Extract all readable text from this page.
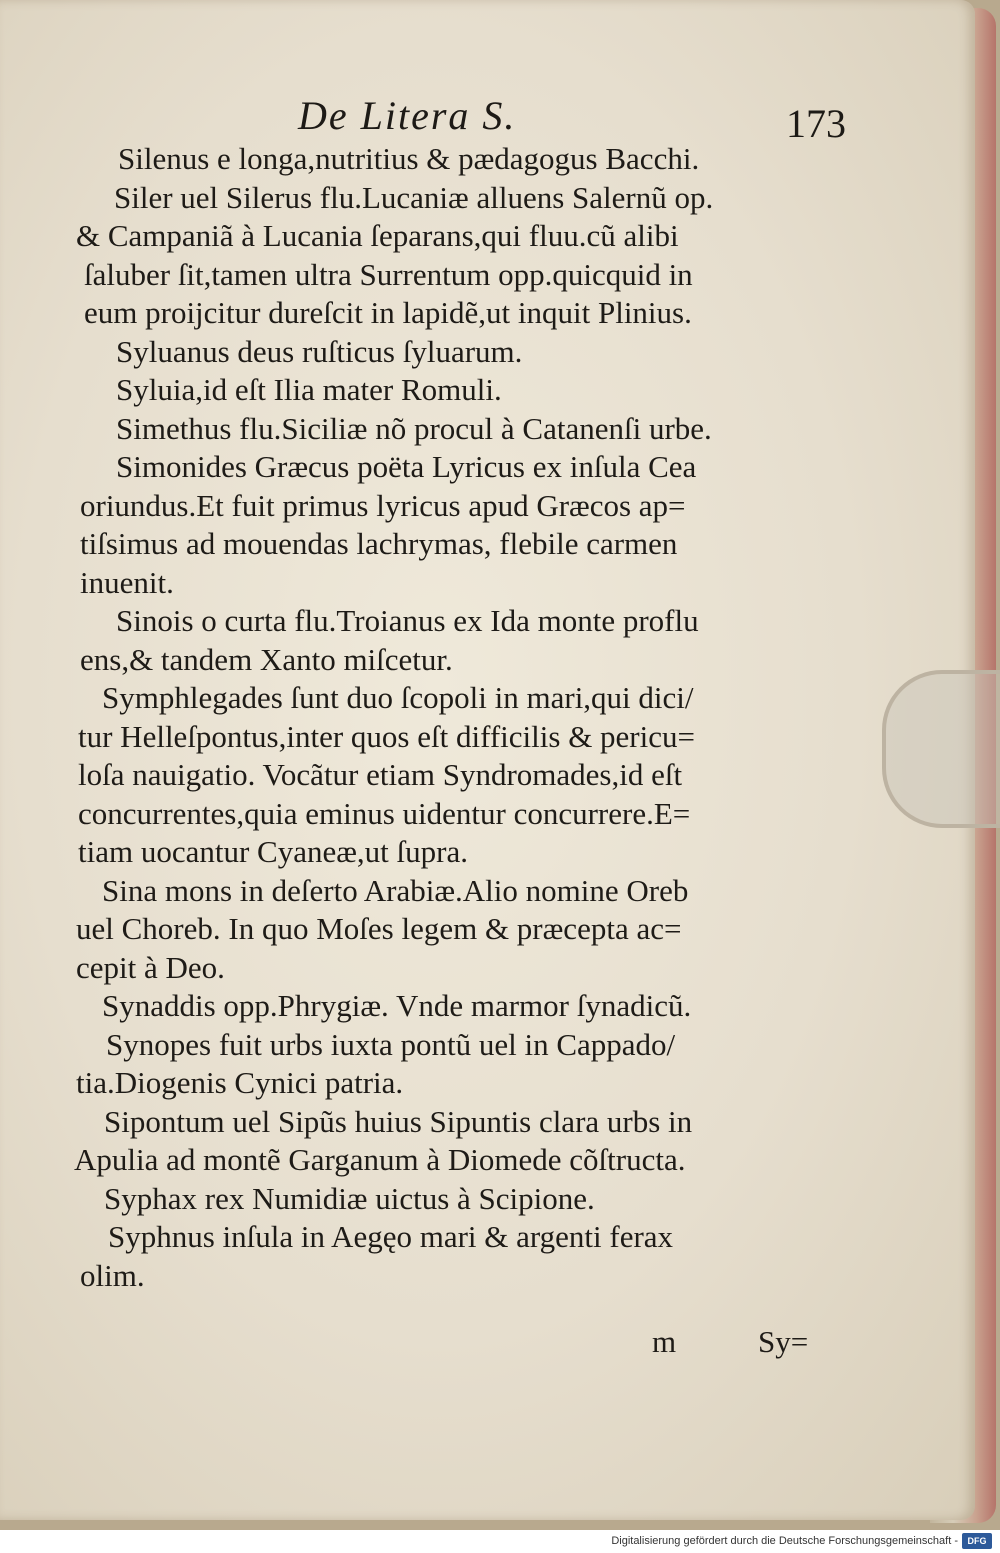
De Litera S.	173
Silenus e longa,nutritius & pædagogus Bacchi.
Siler uel Silerus flu.Lucaniæ alluens Salernũ op.
& Campaniã à Lucania ſeparans,qui fluu.cũ alibi
ſaluber ſit,tamen ultra Surrentum opp.quicquid in
eum proijcitur dureſcit in lapidẽ,ut inquit Plinius.
Syluanus deus ruſticus ſyluarum.
Syluia,id eſt Ilia mater Romuli.
Simethus flu.Siciliæ nõ procul à Catanenſi urbe.
Simonides Græcus poëta Lyricus ex inſula Cea
oriundus.Et fuit primus lyricus apud Græcos ap=
tiſsimus ad mouendas lachrymas, flebile carmen
inuenit.
Sinois o curta flu.Troianus ex Ida monte proflu
ens,& tandem Xanto miſcetur.
Symphlegades ſunt duo ſcopoli in mari,qui dici/
tur Helleſpontus,inter quos eſt difficilis & pericu=
loſa nauigatio. Vocãtur etiam Syndromades,id eſt
concurrentes,quia eminus uidentur concurrere.E=
tiam uocantur Cyaneæ,ut ſupra.
Sina mons in deſerto Arabiæ.Alio nomine Oreb
uel Choreb. In quo Moſes legem & præcepta ac=
cepit à Deo.
Synaddis opp.Phrygiæ. Vnde marmor ſynadicũ.
Synopes fuit urbs iuxta pontũ uel in Cappado/
tia.Diogenis Cynici patria.
Sipontum uel Sipũs huius Sipuntis clara urbs in
Apulia ad montẽ Garganum à Diomede cõſtructa.
Syphax rex Numidiæ uictus à Scipione.
Syphnus inſula in Aegęo mari & argenti ferax
olim.
m	Sy=
Digitalisierung gefördert durch die Deutsche Forschungsgemeinschaft -	DFG
